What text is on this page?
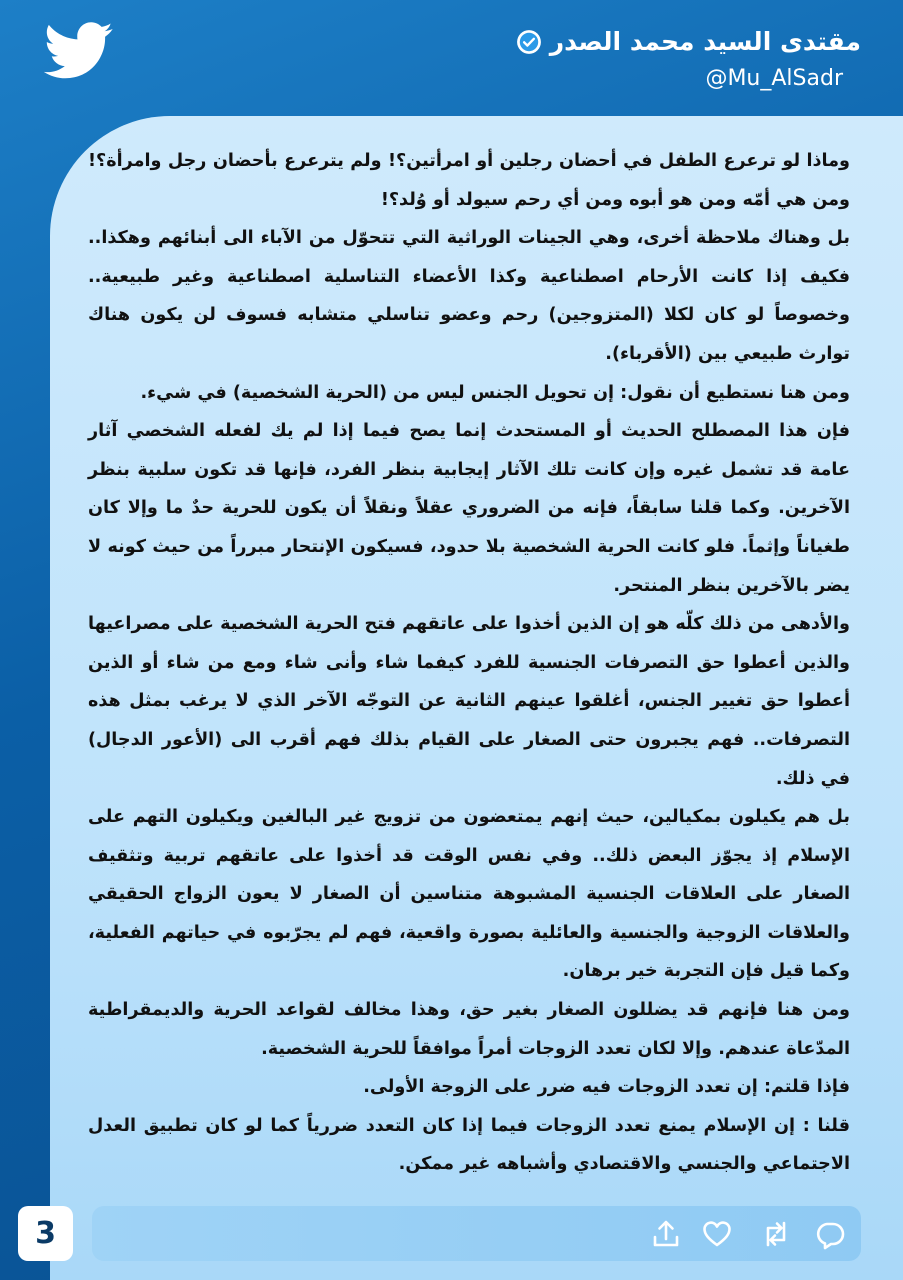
مقتدى السيد محمد الصدر
@Mu_AlSadr

وماذا لو ترعرع الطفل في أحضان رجلين أو امرأتين؟! ولم يترعرع بأحضان رجل وامرأة؟! ومن هي أمّه ومن هو أبوه ومن أي رحم سيولد أو وُلد؟!

بل وهناك ملاحظة أخرى، وهي الجينات الوراثية التي تتحوّل من الآباء الى أبنائهم وهكذا.. فكيف إذا كانت الأرحام اصطناعية وكذا الأعضاء التناسلية اصطناعية وغير طبيعية.. وخصوصاً لو كان لكلا (المتزوجين) رحم وعضو تناسلي متشابه فسوف لن يكون هناك توارث طبيعي بين (الأقرباء).

ومن هنا نستطيع أن نقول: إن تحويل الجنس ليس من (الحرية الشخصية) في شيء.

فإن هذا المصطلح الحديث أو المستحدث إنما يصح فيما إذا لم يك لفعله الشخصي آثار عامة قد تشمل غيره وإن كانت تلك الآثار إيجابية بنظر الفرد، فإنها قد تكون سلبية بنظر الآخرين. وكما قلنا سابقاً، فإنه من الضروري عقلاً ونقلاً أن يكون للحرية حدٌ ما وإلا كان طغياناً وإثماً. فلو كانت الحرية الشخصية بلا حدود، فسيكون الإنتحار مبرراً من حيث كونه لا يضر بالآخرين بنظر المنتحر.

والأدهى من ذلك كلّه هو إن الذين أخذوا على عاتقهم فتح الحرية الشخصية على مصراعيها والذين أعطوا حق التصرفات الجنسية للفرد كيفما شاء وأنى شاء ومع من شاء أو الذين أعطوا حق تغيير الجنس، أغلقوا عينهم الثانية عن التوجّه الآخر الذي لا يرغب بمثل هذه التصرفات.. فهم يجبرون حتى الصغار على القيام بذلك فهم أقرب الى (الأعور الدجال) في ذلك.

بل هم يكيلون بمكيالين، حيث إنهم يمتعضون من تزويج غير البالغين ويكيلون التهم على الإسلام إذ يجوّز البعض ذلك.. وفي نفس الوقت قد أخذوا على عاتقهم تربية وتثقيف الصغار على العلاقات الجنسية المشبوهة متناسين أن الصغار لا يعون الزواج الحقيقي والعلاقات الزوجية والجنسية والعائلية بصورة واقعية، فهم لم يجرّبوه في حياتهم الفعلية، وكما قيل فإن التجربة خير برهان.

ومن هنا فإنهم قد يضللون الصغار بغير حق، وهذا مخالف لقواعد الحرية والديمقراطية المدّعاة عندهم. وإلا لكان تعدد الزوجات أمراً موافقاً للحرية الشخصية.

فإذا قلتم: إن تعدد الزوجات فيه ضرر على الزوجة الأولى.

قلنا : إن الإسلام يمنع تعدد الزوجات فيما إذا كان التعدد ضررياً كما لو كان تطبيق العدل الاجتماعي والجنسي والاقتصادي وأشباهه غير ممكن.

3
